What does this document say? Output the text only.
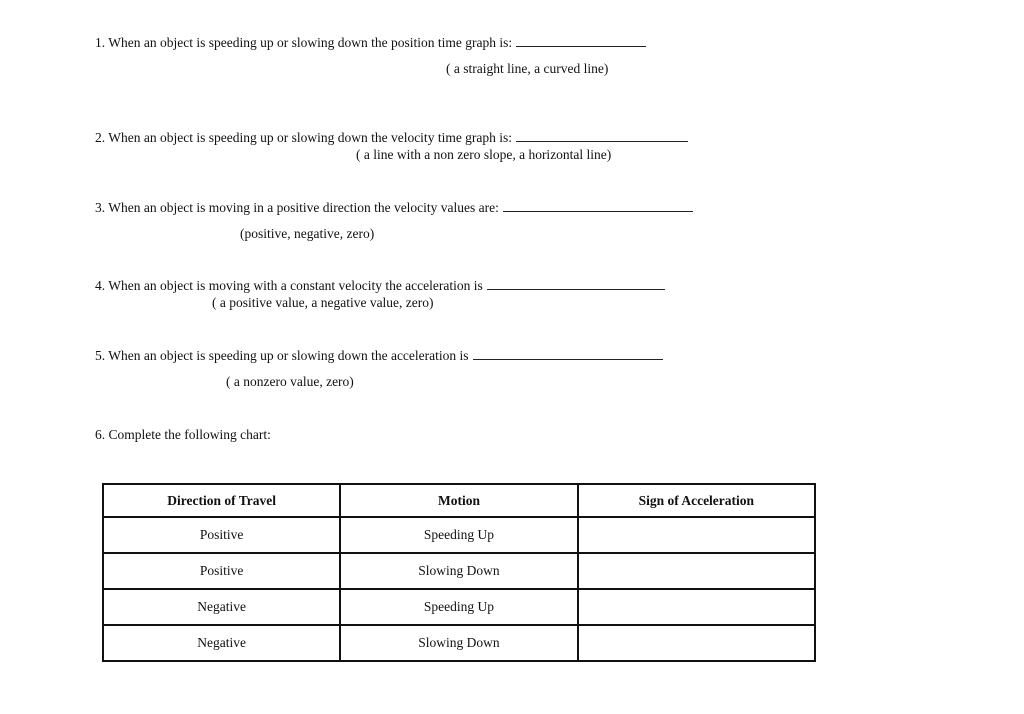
1. When an object is speeding up or slowing down the position time graph is:
( a straight line, a curved line)
2. When an object is speeding up or slowing down the velocity time graph is:
( a line with a non zero slope, a horizontal line)
3. When an object is moving in a positive direction the velocity values are:
(positive, negative, zero)
4. When an object is moving with a constant velocity the acceleration is
( a positive value, a negative value, zero)
5. When an object is speeding up or slowing down the acceleration is
( a nonzero value, zero)
6. Complete the following chart:
Direction of Travel	Motion	Sign of Acceleration
Positive	Speeding Up	
Positive	Slowing Down	
Negative	Speeding Up	
Negative	Slowing Down	
